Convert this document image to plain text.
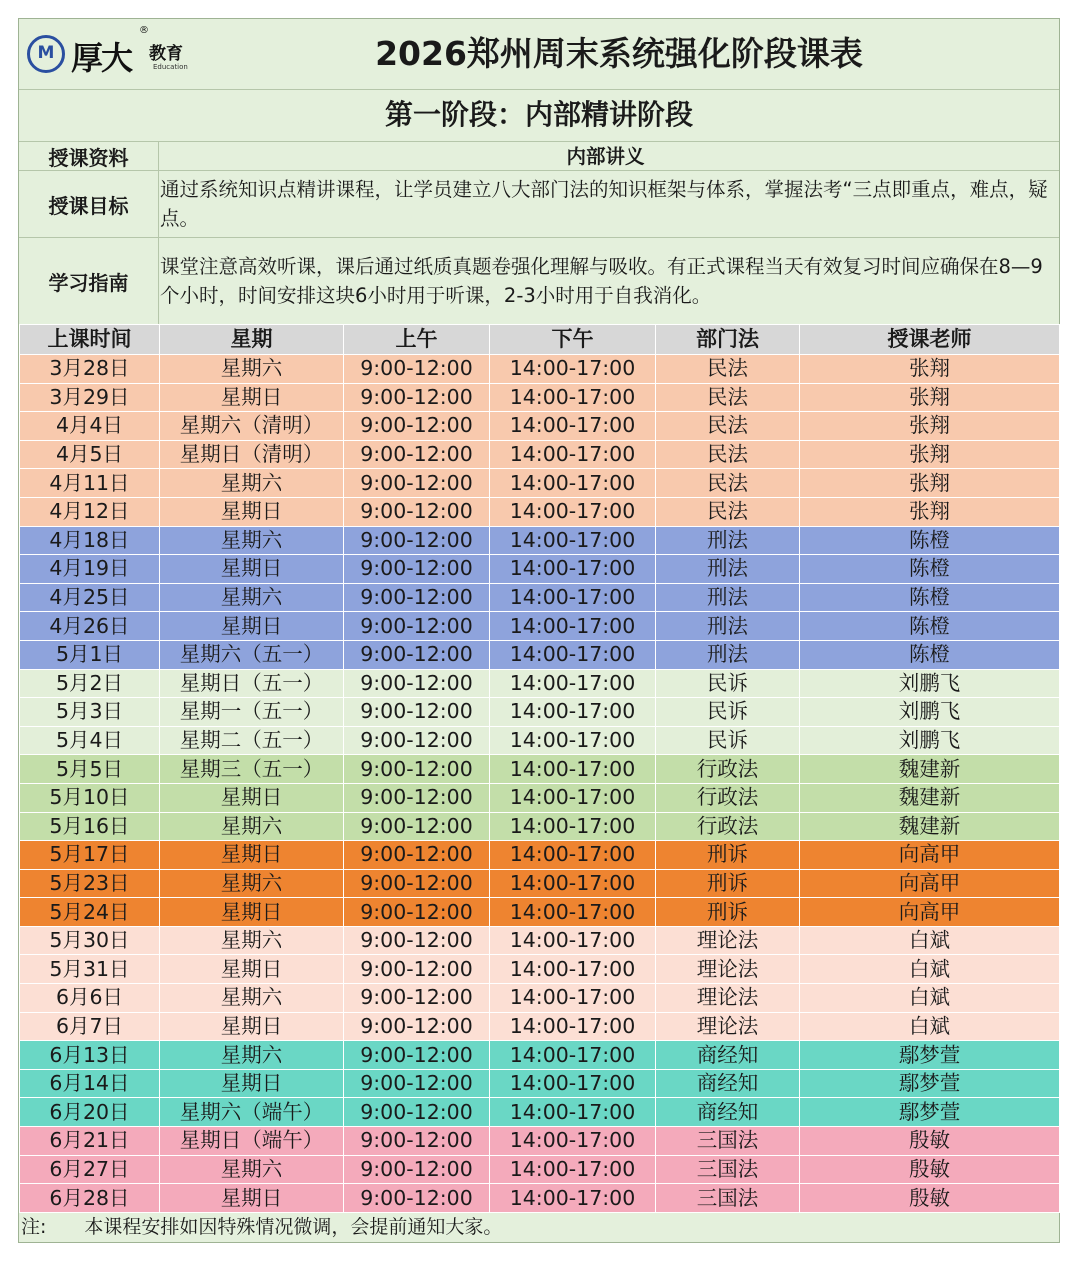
M 厚大
®
教育
Education	2026郑州周末系统强化阶段课表
第一阶段：内部精讲阶段
授课资料	内部讲义
授课目标
通过系统知识点精讲课程，让学员建立八大部门法的知识框架与体系，掌握法考“三点即重点，难点，疑点。
学习指南
课堂注意高效听课，课后通过纸质真题卷强化理解与吸收。有正式课程当天有效复习时间应确保在8—9个小时，时间安排这块6小时用于听课，2-3小时用于自我消化。
上课时间	星期	上午	下午	部门法	授课老师
3月28日	星期六	9:00-12:00	14:00-17:00	民法	张翔
3月29日	星期日	9:00-12:00	14:00-17:00	民法	张翔
4月4日	星期六（清明）	9:00-12:00	14:00-17:00	民法	张翔
4月5日	星期日（清明）	9:00-12:00	14:00-17:00	民法	张翔
4月11日	星期六	9:00-12:00	14:00-17:00	民法	张翔
4月12日	星期日	9:00-12:00	14:00-17:00	民法	张翔
4月18日	星期六	9:00-12:00	14:00-17:00	刑法	陈橙
4月19日	星期日	9:00-12:00	14:00-17:00	刑法	陈橙
4月25日	星期六	9:00-12:00	14:00-17:00	刑法	陈橙
4月26日	星期日	9:00-12:00	14:00-17:00	刑法	陈橙
5月1日	星期六（五一）	9:00-12:00	14:00-17:00	刑法	陈橙
5月2日	星期日（五一）	9:00-12:00	14:00-17:00	民诉	刘鹏飞
5月3日	星期一（五一）	9:00-12:00	14:00-17:00	民诉	刘鹏飞
5月4日	星期二（五一）	9:00-12:00	14:00-17:00	民诉	刘鹏飞
5月5日	星期三（五一）	9:00-12:00	14:00-17:00	行政法	魏建新
5月10日	星期日	9:00-12:00	14:00-17:00	行政法	魏建新
5月16日	星期六	9:00-12:00	14:00-17:00	行政法	魏建新
5月17日	星期日	9:00-12:00	14:00-17:00	刑诉	向高甲
5月23日	星期六	9:00-12:00	14:00-17:00	刑诉	向高甲
5月24日	星期日	9:00-12:00	14:00-17:00	刑诉	向高甲
5月30日	星期六	9:00-12:00	14:00-17:00	理论法	白斌
5月31日	星期日	9:00-12:00	14:00-17:00	理论法	白斌
6月6日	星期六	9:00-12:00	14:00-17:00	理论法	白斌
6月7日	星期日	9:00-12:00	14:00-17:00	理论法	白斌
6月13日	星期六	9:00-12:00	14:00-17:00	商经知	鄢梦萱
6月14日	星期日	9:00-12:00	14:00-17:00	商经知	鄢梦萱
6月20日	星期六（端午）	9:00-12:00	14:00-17:00	商经知	鄢梦萱
6月21日	星期日（端午）	9:00-12:00	14:00-17:00	三国法	殷敏
6月27日	星期六	9:00-12:00	14:00-17:00	三国法	殷敏
6月28日	星期日	9:00-12:00	14:00-17:00	三国法	殷敏
注: 本课程安排如因特殊情况微调，会提前通知大家。
